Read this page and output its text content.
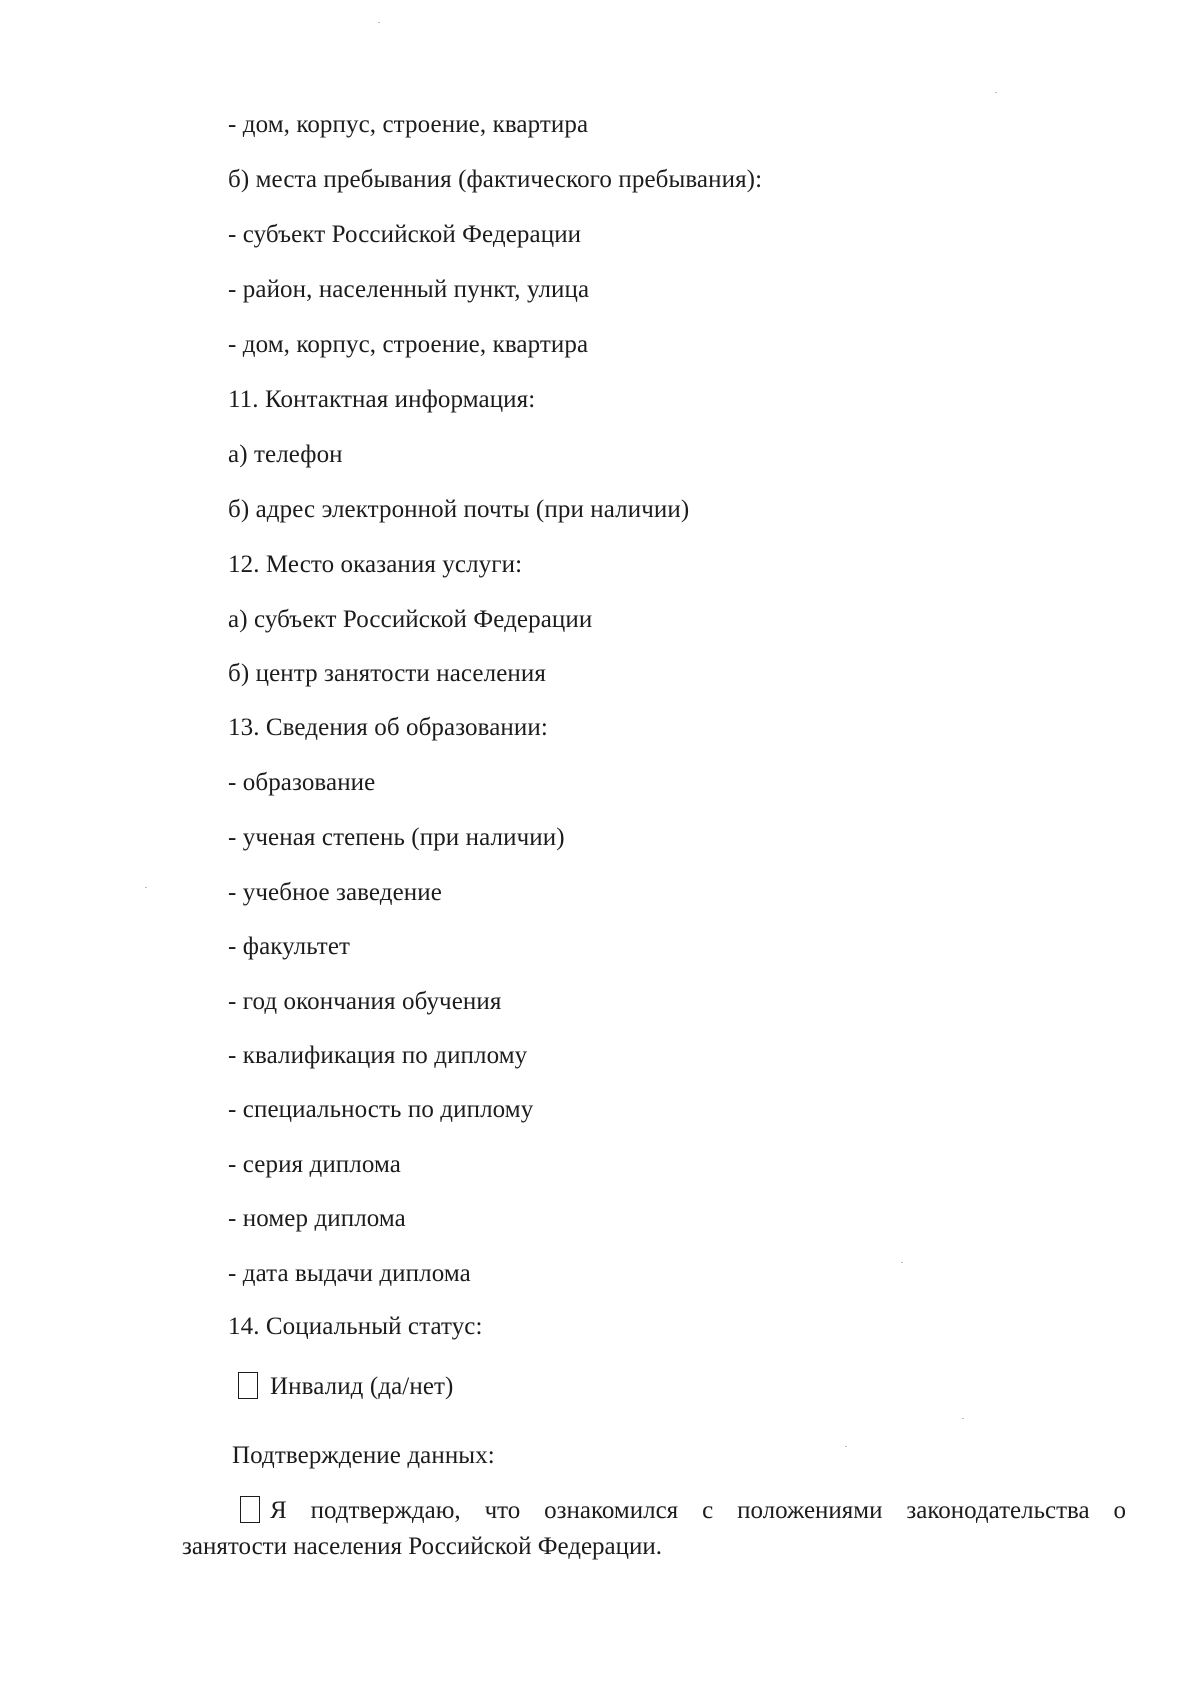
- дом, корпус, строение, квартира
б) места пребывания (фактического пребывания):
- субъект Российской Федерации
- район, населенный пункт, улица
- дом, корпус, строение, квартира
11. Контактная информация:
а) телефон
б) адрес электронной почты (при наличии)
12. Место оказания услуги:
а) субъект Российской Федерации
б) центр занятости населения
13. Сведения об образовании:
- образование
- ученая степень (при наличии)
- учебное заведение
- факультет
- год окончания обучения
- квалификация по диплому
- специальность по диплому
- серия диплома
- номер диплома
- дата выдачи диплома
14. Социальный статус:
Инвалид (да/нет)
Подтверждение данных:
Я подтверждаю, что ознакомился с положениями законодательства о
занятости населения Российской Федерации.
